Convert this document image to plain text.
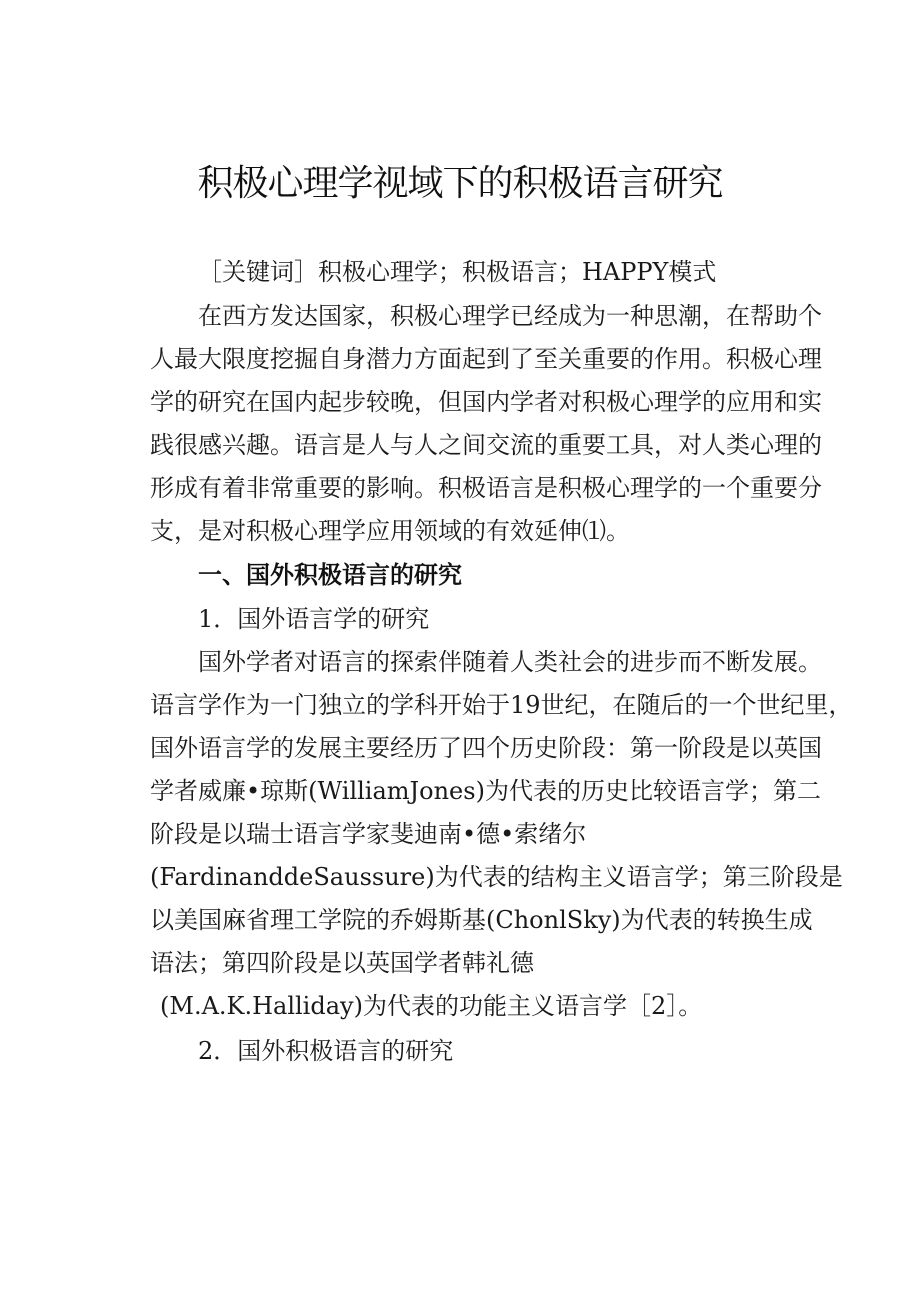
积极心理学视域下的积极语言研究
［关键词］积极心理学；积极语言；HAPPY模式
在西方发达国家，积极心理学已经成为一种思潮，在帮助个
人最大限度挖掘自身潜力方面起到了至关重要的作用。积极心理
学的研究在国内起步较晚，但国内学者对积极心理学的应用和实
践很感兴趣。语言是人与人之间交流的重要工具，对人类心理的
形成有着非常重要的影响。积极语言是积极心理学的一个重要分
支，是对积极心理学应用领域的有效延伸⑴。
一、国外积极语言的研究
1．国外语言学的研究
国外学者对语言的探索伴随着人类社会的进步而不断发展。
语言学作为一门独立的学科开始于19世纪，在随后的一个世纪里，
国外语言学的发展主要经历了四个历史阶段：第一阶段是以英国
学者威廉•琼斯(WilliamJones)为代表的历史比较语言学；第二
阶段是以瑞士语言学家斐迪南•德•索绪尔
(FardinanddeSaussure)为代表的结构主义语言学；第三阶段是
以美国麻省理工学院的乔姆斯基(ChonlSky)为代表的转换生成
语法；第四阶段是以英国学者韩礼德
(M.A.K.Halliday)为代表的功能主义语言学［2］。
2．国外积极语言的研究
